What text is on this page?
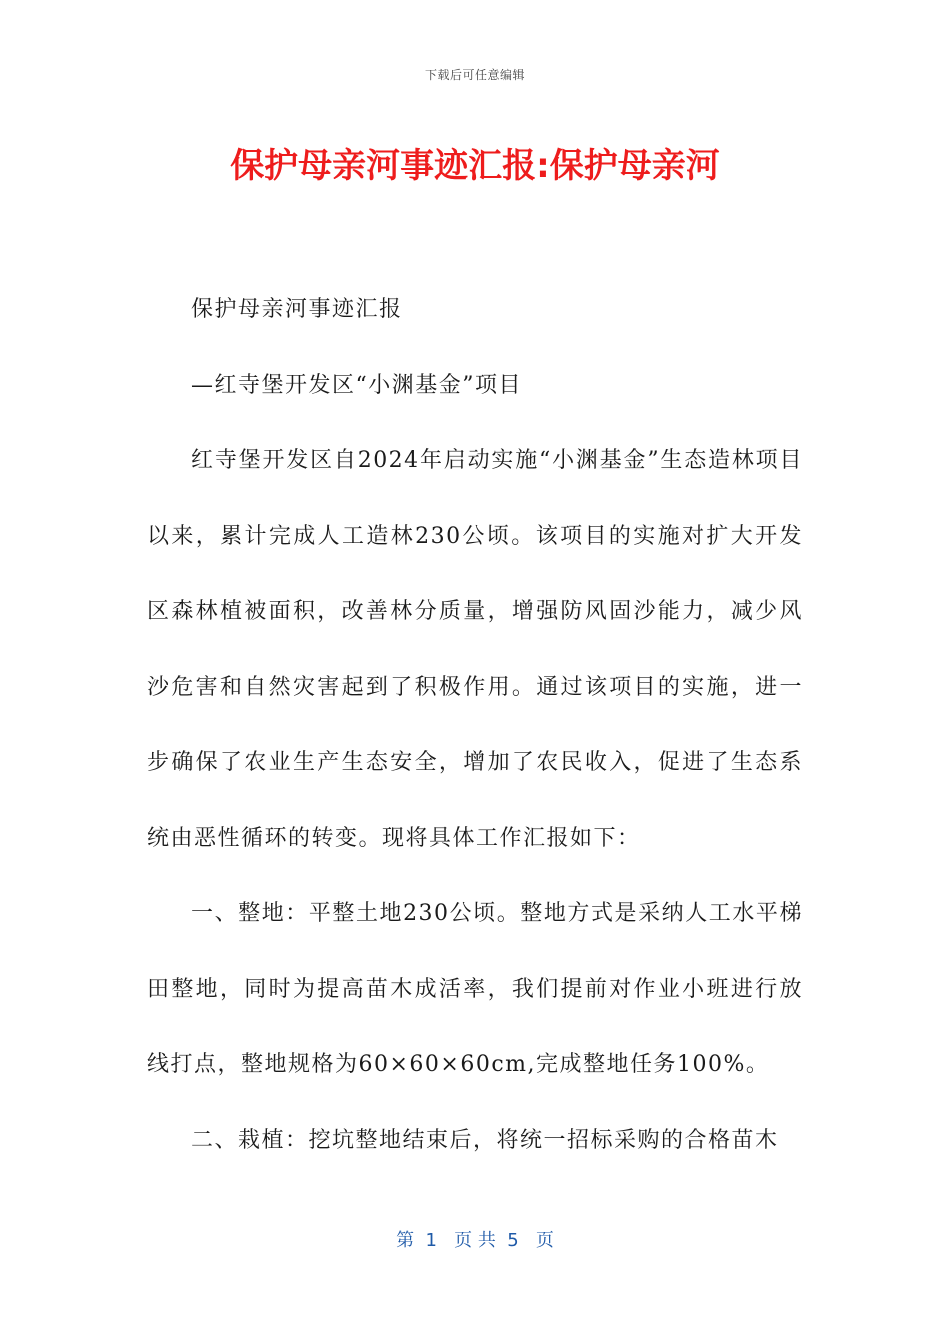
下载后可任意编辑
保护母亲河事迹汇报:保护母亲河

保护母亲河事迹汇报

—红寺堡开发区“小渊基金”项目

红寺堡开发区自2024年启动实施“小渊基金”生态造林项目以来，累计完成人工造林230公顷。该项目的实施对扩大开发区森林植被面积，改善林分质量，增强防风固沙能力，减少风沙危害和自然灾害起到了积极作用。通过该项目的实施，进一步确保了农业生产生态安全，增加了农民收入，促进了生态系统由恶性循环的转变。现将具体工作汇报如下：

一、整地：平整土地230公顷。整地方式是采纳人工水平梯田整地，同时为提高苗木成活率，我们提前对作业小班进行放线打点，整地规格为60×60×60cm,完成整地任务100%。

二、栽植：挖坑整地结束后，将统一招标采购的合格苗木

第  1   页 共  5   页
